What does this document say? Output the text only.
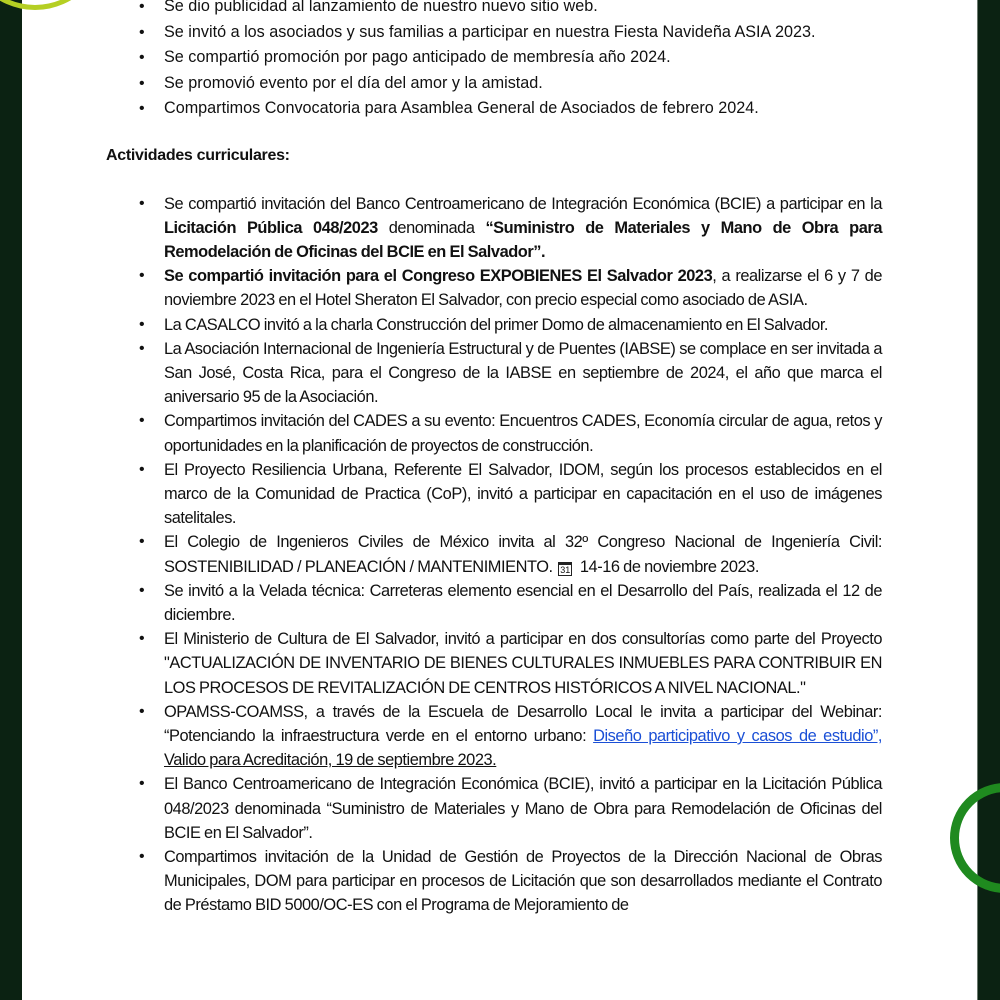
• Se dio publicidad al lanzamiento de nuestro nuevo sitio web.
• Se invitó a los asociados y sus familias a participar en nuestra Fiesta Navideña ASIA 2023.
• Se compartió promoción por pago anticipado de membresía año 2024.
• Se promovió evento por el día del amor y la amistad.
• Compartimos Convocatoria para Asamblea General de Asociados de febrero 2024.
Actividades curriculares:
• Se compartió invitación del Banco Centroamericano de Integración Económica (BCIE) a participar en la Licitación Pública 048/2023 denominada “Suministro de Materiales y Mano de Obra para Remodelación de Oficinas del BCIE en El Salvador”.
• Se compartió invitación para el Congreso EXPOBIENES El Salvador 2023, a realizarse el 6 y 7 de noviembre 2023 en el Hotel Sheraton El Salvador, con precio especial como asociado de ASIA.
• La CASALCO invitó a la charla Construcción del primer Domo de almacenamiento en El Salvador.
• La Asociación Internacional de Ingeniería Estructural y de Puentes (IABSE) se complace en ser invitada a San José, Costa Rica, para el Congreso de la IABSE en septiembre de 2024, el año que marca el aniversario 95 de la Asociación.
• Compartimos invitación del CADES a su evento: Encuentros CADES, Economía circular de agua, retos y oportunidades en la planificación de proyectos de construcción.
• El Proyecto Resiliencia Urbana, Referente El Salvador, IDOM, según los procesos establecidos en el marco de la Comunidad de Practica (CoP), invitó a participar en capacitación en el uso de imágenes satelitales.
• El Colegio de Ingenieros Civiles de México invita al 32º Congreso Nacional de Ingeniería Civil: SOSTENIBILIDAD / PLANEACIÓN / MANTENIMIENTO. 31 14-16 de noviembre 2023.
• Se invitó a la Velada técnica: Carreteras elemento esencial en el Desarrollo del País, realizada el 12 de diciembre.
• El Ministerio de Cultura de El Salvador, invitó a participar en dos consultorías como parte del Proyecto "ACTUALIZACIÓN DE INVENTARIO DE BIENES CULTURALES INMUEBLES PARA CONTRIBUIR EN LOS PROCESOS DE REVITALIZACIÓN DE CENTROS HISTÓRICOS A NIVEL NACIONAL."
• OPAMSS-COAMSS, a través de la Escuela de Desarrollo Local le invita a participar del Webinar: “Potenciando la infraestructura verde en el entorno urbano: Diseño participativo y casos de estudio”, Valido para Acreditación, 19 de septiembre 2023.
• El Banco Centroamericano de Integración Económica (BCIE), invitó a participar en la Licitación Pública 048/2023 denominada “Suministro de Materiales y Mano de Obra para Remodelación de Oficinas del BCIE en El Salvador”.
• Compartimos invitación de la Unidad de Gestión de Proyectos de la Dirección Nacional de Obras Municipales, DOM para participar en procesos de Licitación que son desarrollados mediante el Contrato de Préstamo BID 5000/OC-ES con el Programa de Mejoramiento de
